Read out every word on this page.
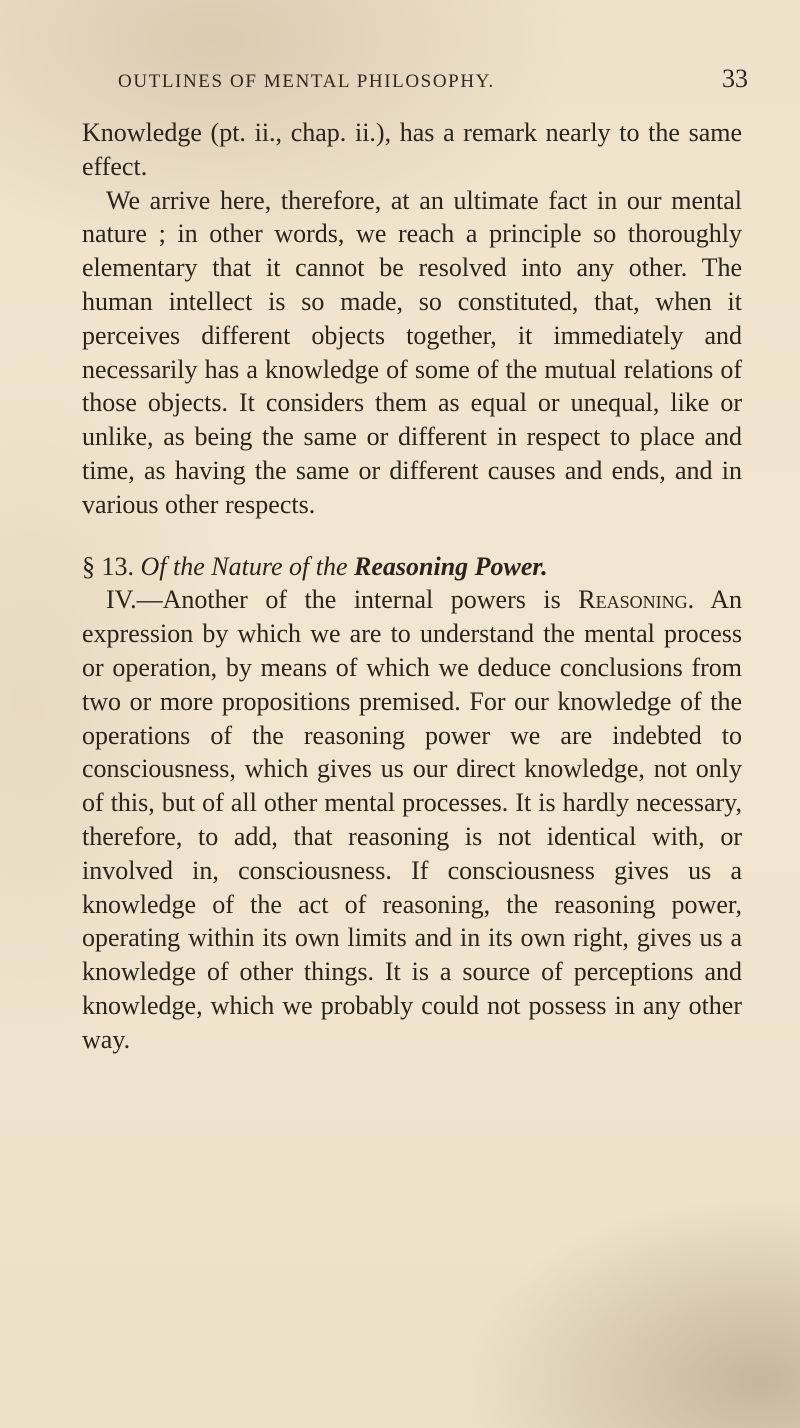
OUTLINES OF MENTAL PHILOSOPHY.	33

Knowledge (pt. ii., chap. ii.), has a remark nearly to the same effect.

We arrive here, therefore, at an ultimate fact in our mental nature ; in other words, we reach a principle so thoroughly elementary that it cannot be resolved into any other. The human intellect is so made, so constituted, that, when it perceives different objects together, it immediately and necessarily has a knowledge of some of the mutual relations of those objects. It considers them as equal or unequal, like or unlike, as being the same or different in respect to place and time, as having the same or different causes and ends, and in various other respects.

§ 13. Of the Nature of the Reasoning Power.

IV.—Another of the internal powers is Reasoning. An expression by which we are to understand the mental process or operation, by means of which we deduce conclusions from two or more propositions premised. For our knowledge of the operations of the reasoning power we are indebted to consciousness, which gives us our direct knowledge, not only of this, but of all other mental processes. It is hardly necessary, therefore, to add, that reasoning is not identical with, or involved in, consciousness. If consciousness gives us a knowledge of the act of reasoning, the reasoning power, operating within its own limits and in its own right, gives us a knowledge of other things. It is a source of perceptions and knowledge, which we probably could not possess in any other way.
